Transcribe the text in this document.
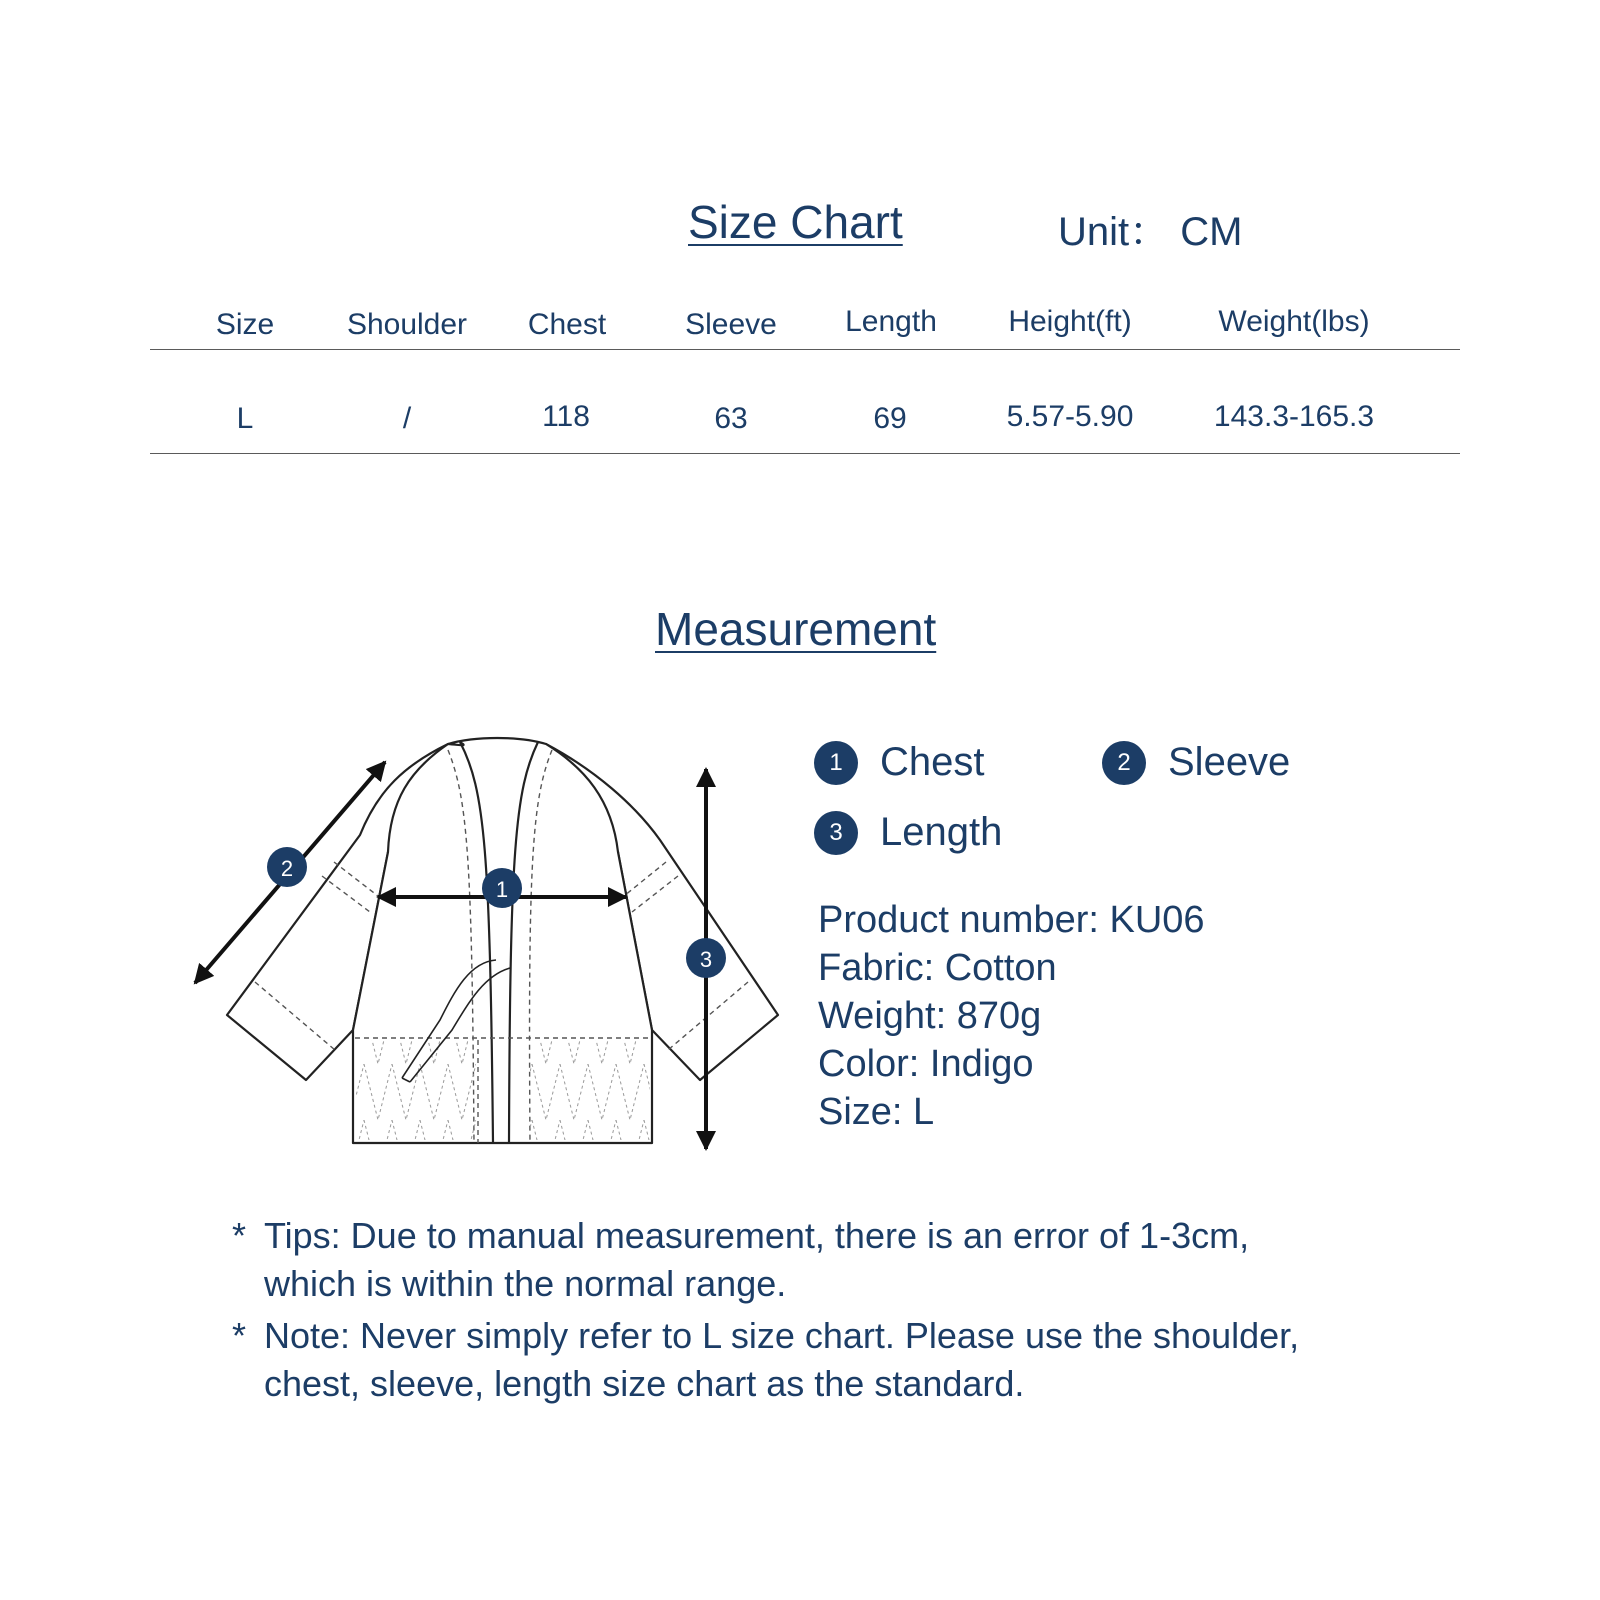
Size Chart	Unit： CM
Size Shoulder Chest	Sleeve Length Height(ft)	Weight(lbs)
L	/	118	63	69	5.57-5.90	143.3-165.3
Measurement
1
2
3
1 Chest	2 Sleeve
3 Length
Product number: KU06
Fabric: Cotton
Weight: 870g
Color: Indigo
Size: L
* Tips: Due to manual measurement, there is an error of 1-3cm,
which is within the normal range.
* Note: Never simply refer to L size chart. Please use the shoulder,
chest, sleeve, length size chart as the standard.
